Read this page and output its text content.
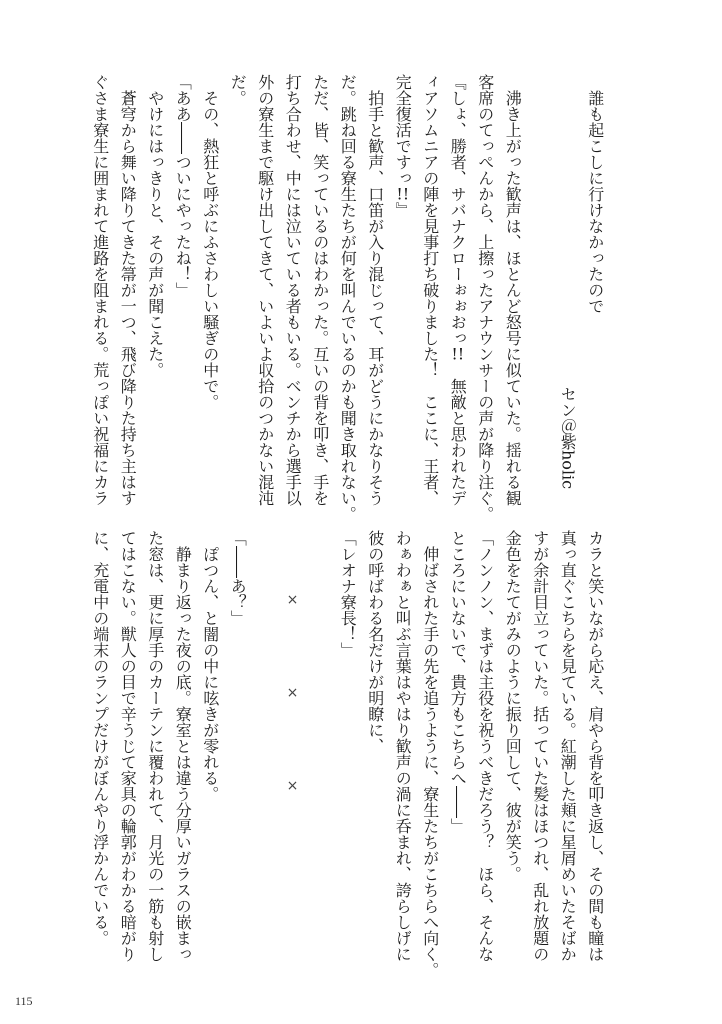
誰も起こしに行けなかったので
セン＠紫holic
　沸き上がった歓声は、ほとんど怒号に似ていた。揺れる観
客席のてっぺんから、上擦ったアナウンサーの声が降り注ぐ。
『しょ、勝者、サバナクローぉぉおっ!!　無敵と思われたデ
ィアソムニアの陣を見事打ち破りました！　ここに、王者、
完全復活ですっ!!』
　拍手と歓声、口笛が入り混じって、耳がどうにかなりそう
だ。跳ね回る寮生たちが何を叫んでいるのかも聞き取れない。
ただ、皆、笑っているのはわかった。互いの背を叩き、手を
打ち合わせ、中には泣いている者もいる。ベンチから選手以
外の寮生まで駆け出してきて、いよいよ収拾のつかない混沌
だ。
　その、熱狂と呼ぶにふさわしい騒ぎの中で。
「ああ――ついにやったね！」
　やけにはっきりと、その声が聞こえた。
　蒼穹から舞い降りてきた箒が一つ、飛び降りた持ち主はす
ぐさま寮生に囲まれて進路を阻まれる。荒っぽい祝福にカラ
カラと笑いながら応え、肩やら背を叩き返し、その間も瞳は
真っ直ぐこちらを見ている。紅潮した頬に星屑めいたそばか
すが余計目立っていた。括っていた髪はほつれ、乱れ放題の
金色をたてがみのように振り回して、彼が笑う。
「ノンノン、まずは主役を祝うべきだろう？　ほら、そんな
ところにいないで、貴方もこちらへ――」
　伸ばされた手の先を追うように、寮生たちがこちらへ向く。
わぁわぁと叫ぶ言葉はやはり歓声の渦に呑まれ、誇らしげに
彼の呼ばわる名だけが明瞭に、
「レオナ寮長！」
×
×
×
「――あ？」
　ぽつん、と闇の中に呟きが零れる。
　静まり返った夜の底。寮室とは違う分厚いガラスの嵌まっ
た窓は、更に厚手のカーテンに覆われて、月光の一筋も射し
てはこない。獣人の目で辛うじて家具の輪郭がわかる暗がり
に、充電中の端末のランプだけがぼんやり浮かんでいる。
115
